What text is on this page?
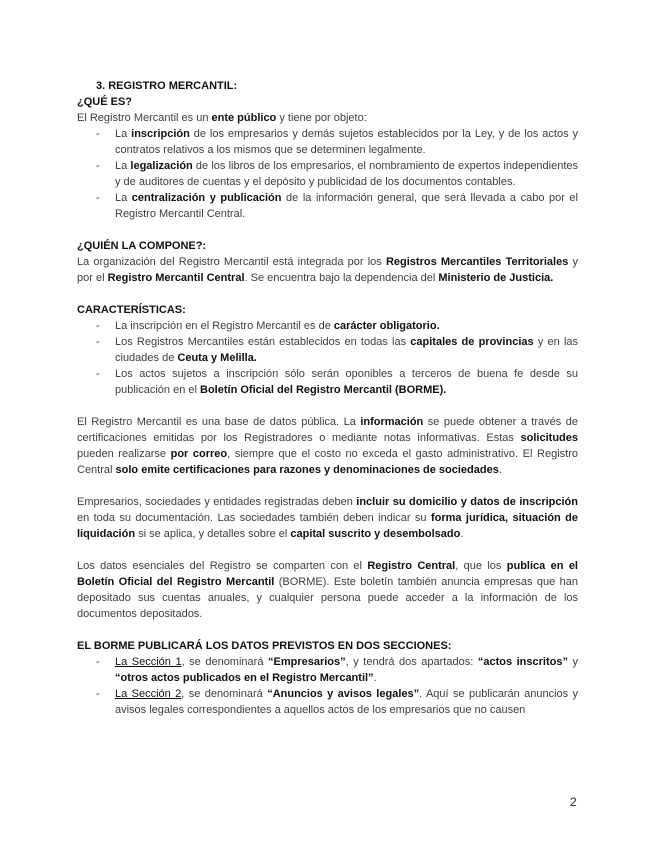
3. REGISTRO MERCANTIL:
¿QUÉ ES?

El Registro Mercantil es un ente público y tiene por objeto:

- La inscripción de los empresarios y demás sujetos establecidos por la Ley, y de los actos y contratos relativos a los mismos que se determinen legalmente.
- La legalización de los libros de los empresarios, el nombramiento de expertos independientes y de auditores de cuentas y el depósito y publicidad de los documentos contables.
- La centralización y publicación de la información general, que será llevada a cabo por el Registro Mercantil Central.
¿QUIÉN LA COMPONE?:

La organización del Registro Mercantil está integrada por los Registros Mercantiles Territoriales y por el Registro Mercantil Central. Se encuentra bajo la dependencia del Ministerio de Justicia.

CARACTERÍSTICAS:
- La inscripción en el Registro Mercantil es de carácter obligatorio.
- Los Registros Mercantiles están establecidos en todas las capitales de provincias y en las ciudades de Ceuta y Melilla.
- Los actos sujetos a inscripción sólo serán oponibles a terceros de buena fe desde su publicación en el Boletín Oficial del Registro Mercantil (BORME).

El Registro Mercantil es una base de datos pública. La información se puede obtener a través de certificaciones emitidas por los Registradores o mediante notas informativas. Estas solicitudes pueden realizarse por correo, siempre que el costo no exceda el gasto administrativo. El Registro Central solo emite certificaciones para razones y denominaciones de sociedades.

Empresarios, sociedades y entidades registradas deben incluir su domicilio y datos de inscripción en toda su documentación. Las sociedades también deben indicar su forma jurídica, situación de liquidación si se aplica, y detalles sobre el capital suscrito y desembolsado.

Los datos esenciales del Registro se comparten con el Registro Central, que los publica en el Boletín Oficial del Registro Mercantil (BORME). Este boletín también anuncia empresas que han depositado sus cuentas anuales, y cualquier persona puede acceder a la información de los documentos depositados.

EL BORME PUBLICARÁ LOS DATOS PREVISTOS EN DOS SECCIONES:
- La Sección 1, se denominará “Empresarios”, y tendrá dos apartados: “actos inscritos” y “otros actos publicados en el Registro Mercantil”.
- La Sección 2, se denominará “Anuncios y avisos legales”. Aquí se publicarán anuncios y avisos legales correspondientes a aquellos actos de los empresarios que no causen
2
